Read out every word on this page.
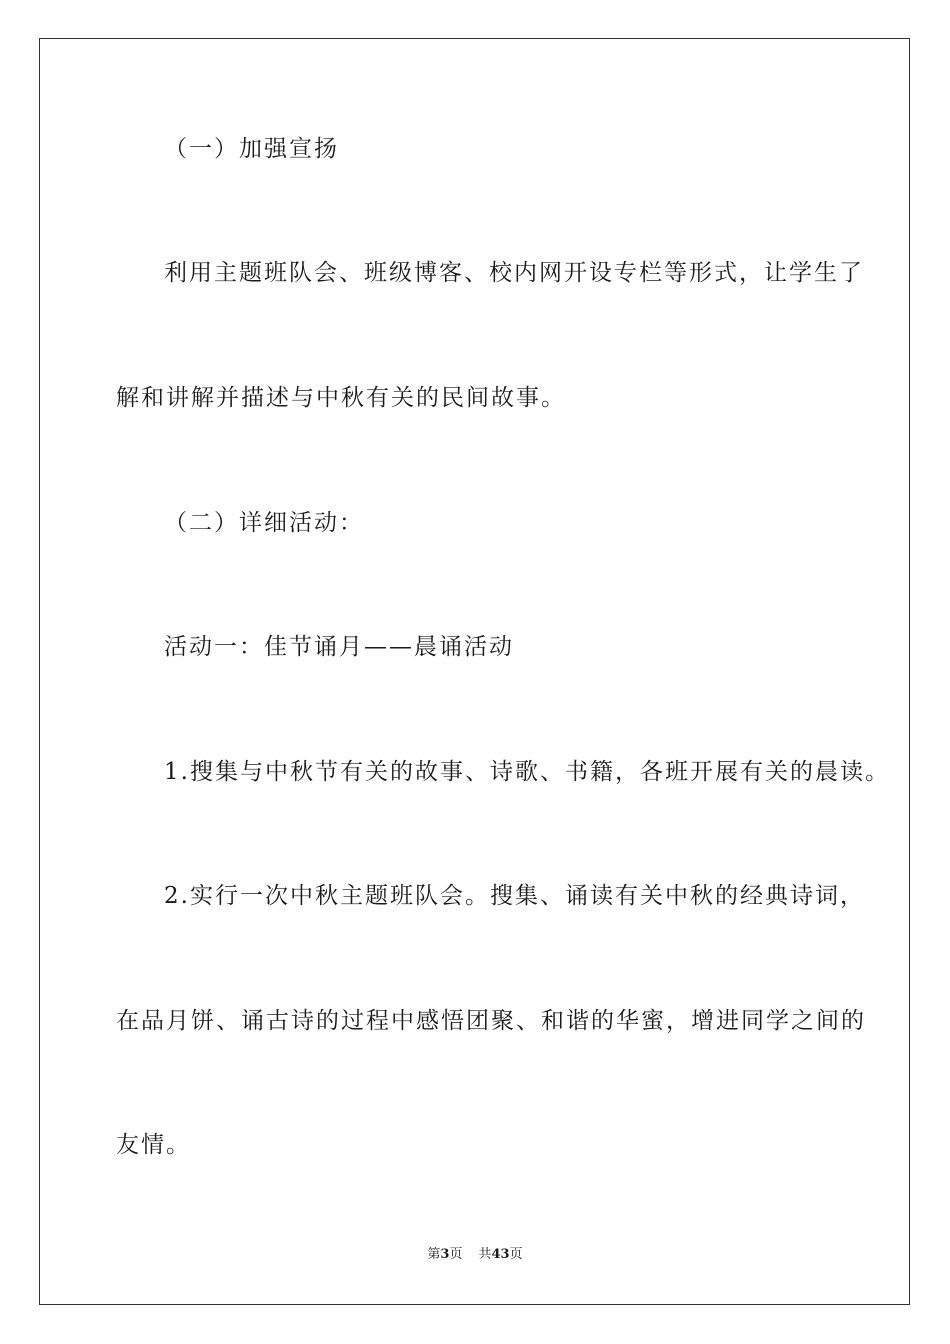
（一）加强宣扬
利用主题班队会、班级博客、校内网开设专栏等形式，让学生了
解和讲解并描述与中秋有关的民间故事。
（二）详细活动：
活动一：佳节诵月——晨诵活动
1.搜集与中秋节有关的故事、诗歌、书籍，各班开展有关的晨读。
2.实行一次中秋主题班队会。搜集、诵读有关中秋的经典诗词，
在品月饼、诵古诗的过程中感悟团聚、和谐的华蜜，增进同学之间的
友情。
第3页 共43页
